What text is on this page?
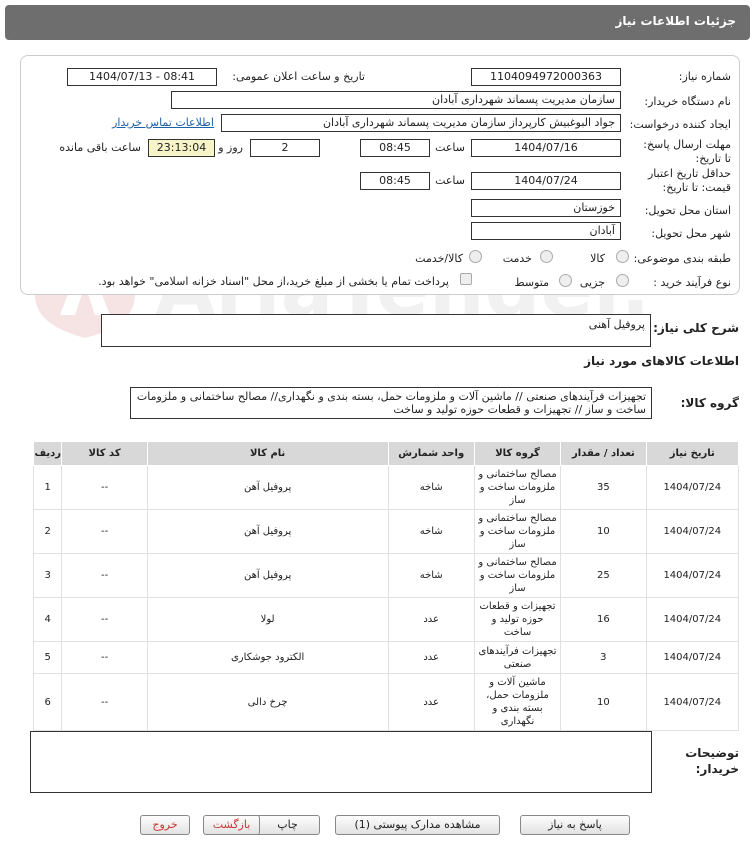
جزئیات اطلاعات نیاز
شماره نیاز:
1104094972000363
تاریخ و ساعت اعلان عمومی:
1404/07/13 - 08:41
نام دستگاه خریدار:
سازمان مدیریت پسماند شهرداری آبادان
ایجاد کننده درخواست:
جواد البوغبیش کارپرداز سازمان مدیریت پسماند شهرداری آبادان
اطلاعات تماس خریدار
مهلت ارسال پاسخ: تا تاریخ:
1404/07/16
ساعت
08:45
2
روز و
23:13:04
ساعت باقی مانده
حداقل تاریخ اعتبار قیمت: تا تاریخ:
1404/07/24
ساعت
08:45
استان محل تحویل:
خوزستان
شهر محل تحویل:
آبادان
طبقه بندی موضوعی:
کالا
خدمت
کالا/خدمت
نوع فرآیند خرید :
جزیی
متوسط
پرداخت تمام یا بخشی از مبلغ خرید،از محل "اسناد خزانه اسلامی" خواهد بود.
شرح کلی نیاز:
پروفیل آهنی
اطلاعات کالاهای مورد نیاز
گروه کالا:
تجهیزات فرآیندهای صنعتی // ماشین آلات و ملزومات حمل، بسته بندی و نگهداری// مصالح ساختمانی و ملزومات ساخت و ساز // تجهیزات و قطعات حوزه تولید و ساخت
ردیف	کد کالا	نام کالا	واحد شمارش	گروه کالا	تعداد / مقدار	تاریخ نیاز
1	--	پروفیل آهن	شاخه	مصالح ساختمانی و ملزومات ساخت و ساز	35	1404/07/24
2	--	پروفیل آهن	شاخه	مصالح ساختمانی و ملزومات ساخت و ساز	10	1404/07/24
3	--	پروفیل آهن	شاخه	مصالح ساختمانی و ملزومات ساخت و ساز	25	1404/07/24
4	--	لولا	عدد	تجهیزات و قطعات حوزه تولید و ساخت	16	1404/07/24
5	--	الکترود جوشکاری	عدد	تجهیزات فرآیندهای صنعتی	3	1404/07/24
6	--	چرخ دالی	عدد	ماشین آلات و ملزومات حمل، بسته بندی و نگهداری	10	1404/07/24
توضیحات خریدار:
پاسخ به نیاز
مشاهده مدارک پیوستی (1)
چاپ
بازگشت
خروج
